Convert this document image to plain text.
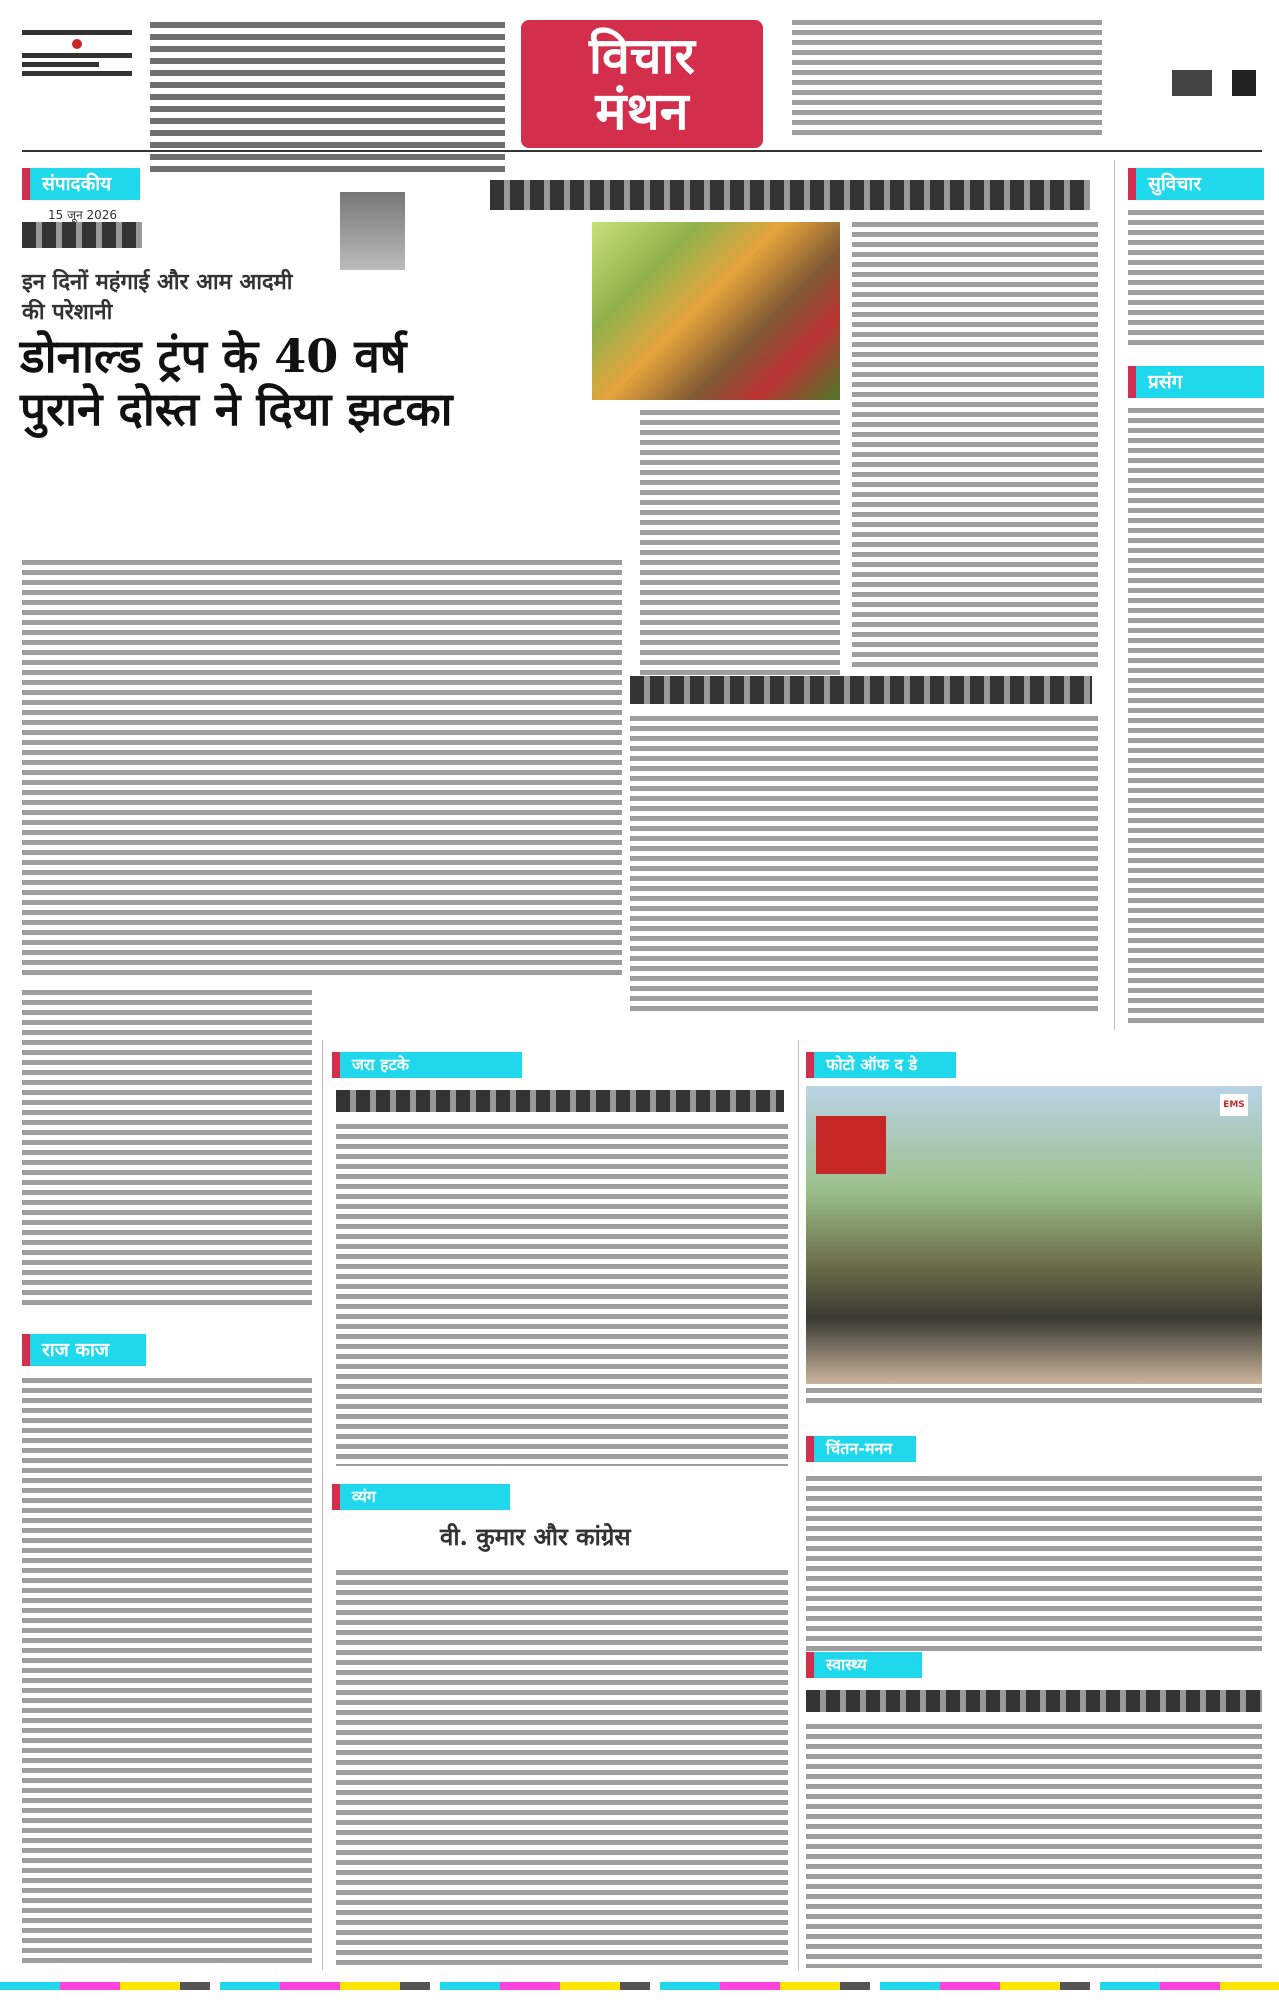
विचार
मंथन
संपादकीय
15 जून 2026
इन दिनों महंगाई और आम आदमी की परेशानी
डोनाल्ड ट्रंप के 40 वर्ष पुराने दोस्त ने दिया झटका
सुविचार
प्रसंग
राज काज
जरा हटके
व्यंग
वी. कुमार और कांग्रेस
फोटो ऑफ द डे
EMS
चिंतन-मनन
स्वास्थ्य
